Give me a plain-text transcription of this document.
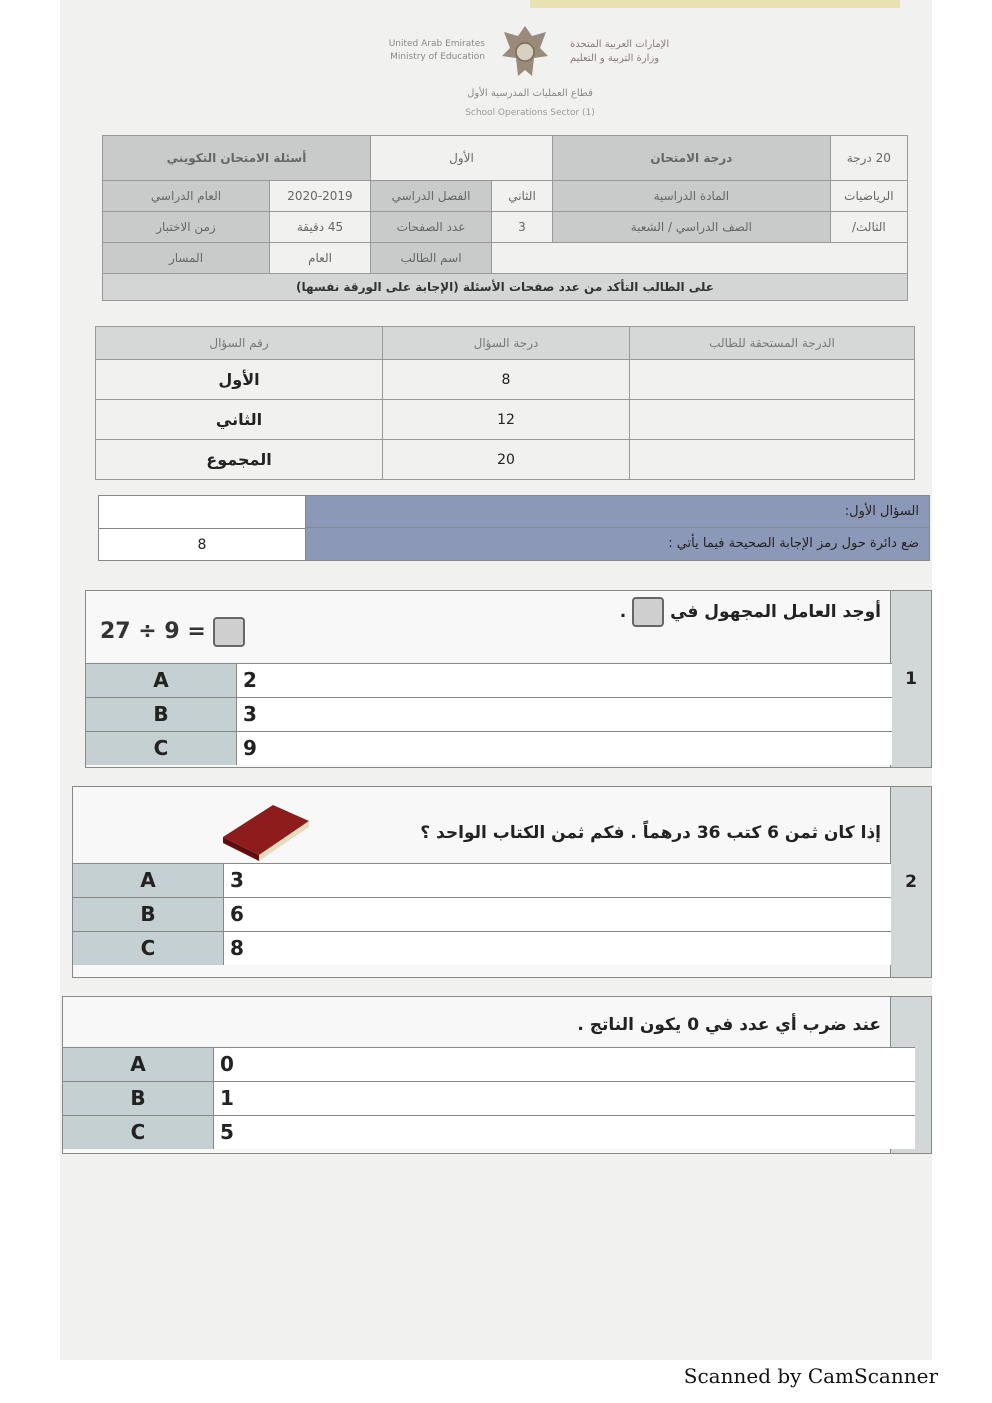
United Arab Emirates
Ministry of Education
الإمارات العربية المتحدة
وزارة التربية و التعليم
قطاع العمليات المدرسية الأول
School Operations Sector (1)
أسئلة الامتحان التكويني		الأول		درجة الامتحان	20 درجة
العام الدراسي	2020-2019	الفصل الدراسي	الثاني	المادة الدراسية	الرياضيات
زمن الاختبار	45 دقيقة	عدد الصفحات	3	الصف الدراسي / الشعبة	الثالث/
المسار	العام	اسم الطالب			
على الطالب التأكد من عدد صفحات الأسئلة (الإجابة على الورقة نفسها)					
رقم السؤال	درجة السؤال	الدرجة المستحقة للطالب
الأول	8	
الثاني	12	
المجموع	20	
السؤال الأول:
ضع دائرة حول رمز الإجابة الصحيحة فيما يأتي :
8
1
أوجد العامل المجهول في  .
27 ÷ 9 =
A	2
B	3
C	9
2
إذا كان ثمن 6 كتب 36 درهماً . فكم ثمن الكتاب الواحد ؟
A	3
B	6
C	8
عند ضرب أي عدد في 0 يكون الناتج .
A	0
B	1
C	5
Scanned by CamScanner
